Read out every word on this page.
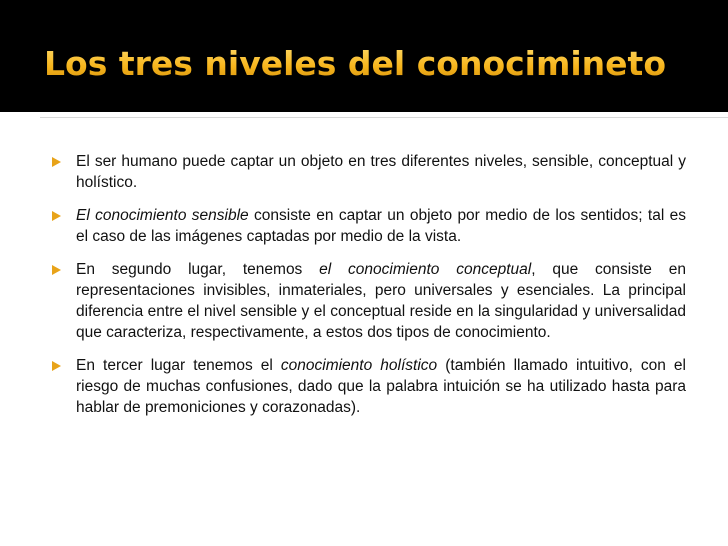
Los tres niveles del conocimineto
El ser humano puede captar un objeto en tres diferentes niveles, sensible, conceptual y holístico.
El conocimiento sensible consiste en captar un objeto por medio de los sentidos; tal es el caso de las imágenes captadas por medio de la vista.
En segundo lugar, tenemos el conocimiento conceptual, que consiste en representaciones invisibles, inmateriales, pero universales y esenciales. La principal diferencia entre el nivel sensible y el conceptual reside en la singularidad y universalidad que caracteriza, respectivamente, a estos dos tipos de conocimiento.
En tercer lugar tenemos el conocimiento holístico (también llamado intuitivo, con el riesgo de muchas confusiones, dado que la palabra intuición se ha utilizado hasta para hablar de premoniciones y corazonadas).
